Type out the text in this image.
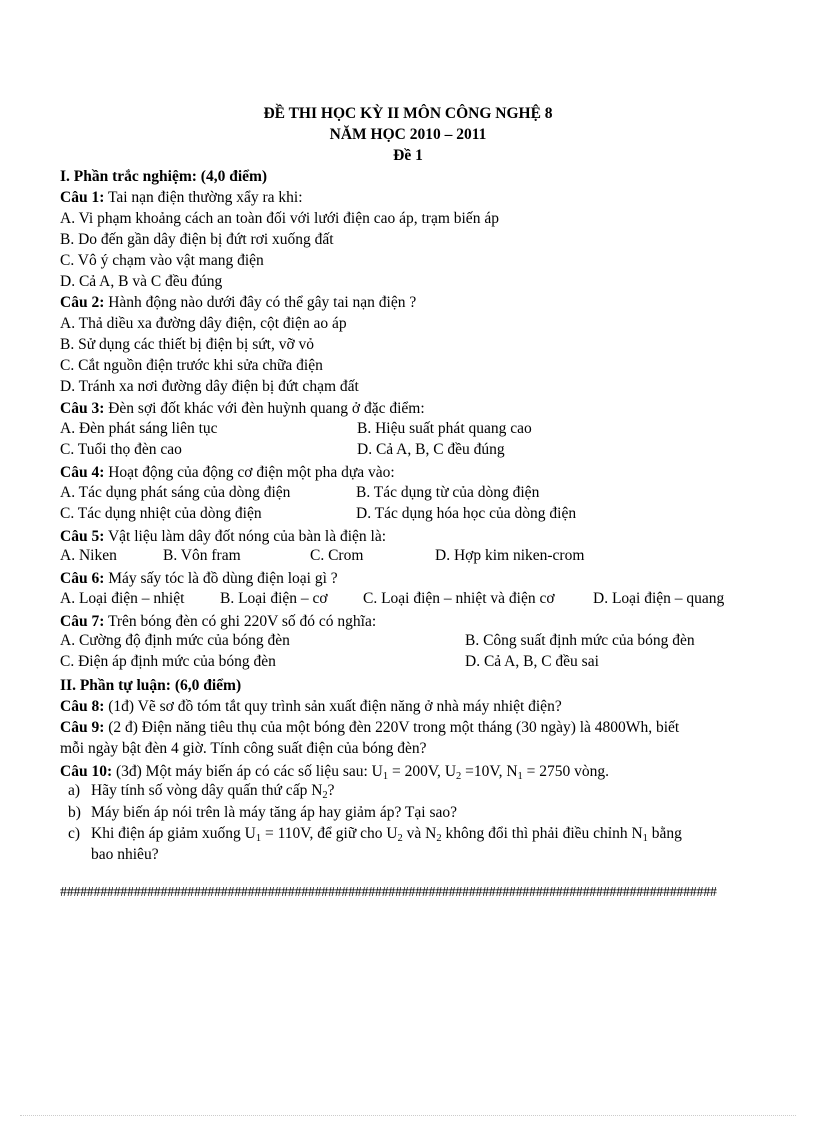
ĐỀ THI HỌC KỲ II MÔN CÔNG NGHỆ 8
NĂM HỌC 2010 – 2011
Đề 1
I. Phần trắc nghiệm: (4,0 điểm)
Câu 1: Tai nạn điện thường xẩy ra khi:
A. Vi phạm khoảng cách an toàn đối với lưới điện cao áp, trạm biến áp
B. Do đến gần dây điện bị đứt rơi xuống đất
C. Vô ý chạm vào vật mang điện
D. Cả A, B và C đều đúng
Câu 2: Hành động nào dưới đây có thể gây tai nạn điện ?
A. Thả diều xa đường dây điện, cột điện ao áp
B. Sử dụng các thiết bị điện bị sứt, vỡ vỏ
C. Cắt nguồn điện trước khi sửa chữa điện
D. Tránh xa nơi đường dây điện bị đứt chạm đất
Câu 3: Đèn sợi đốt khác với đèn huỳnh quang ở đặc điểm:
A. Đèn phát sáng liên tục	B. Hiệu suất phát quang cao
C. Tuổi thọ đèn cao	D. Cả A, B, C đều đúng
Câu 4: Hoạt động của động cơ điện một pha dựa vào:
A. Tác dụng phát sáng của dòng điện	B. Tác dụng từ của dòng điện
C. Tác dụng nhiệt của dòng điện	D. Tác dụng hóa học của dòng điện
Câu 5: Vật liệu làm dây đốt nóng của bàn là điện là:
A. Niken	B. Vôn fram	C. Crom	D. Hợp kim niken-crom
Câu 6: Máy sấy tóc là đồ dùng điện loại gì ?
A. Loại điện – nhiệt B. Loại điện – cơ C. Loại điện – nhiệt và điện cơ D. Loại điện – quang
Câu 7: Trên bóng đèn có ghi 220V số đó có nghĩa:
A. Cường độ định mức của bóng đèn	B. Công suất định mức của bóng đèn
C. Điện áp định mức của bóng đèn	D. Cả A, B, C đều sai
II. Phần tự luận: (6,0 điểm)
Câu 8: (1đ) Vẽ sơ đồ tóm tắt quy trình sản xuất điện năng ở nhà máy nhiệt điện?
Câu 9: (2 đ) Điện năng tiêu thụ của một bóng đèn 220V trong một tháng (30 ngày) là 4800Wh, biết
mỗi ngày bật đèn 4 giờ. Tính công suất điện của bóng đèn?
Câu 10: (3đ) Một máy biến áp có các số liệu sau: U1 = 200V, U2 =10V, N1 = 2750 vòng.
a) Hãy tính số vòng dây quấn thứ cấp N2?
b) Máy biến áp nói trên là máy tăng áp hay giảm áp? Tại sao?
c) Khi điện áp giảm xuống U1 = 110V, để giữ cho U2 và N2 không đổi thì phải điều chỉnh N1 bằng
bao nhiêu?
##################################################################################################
